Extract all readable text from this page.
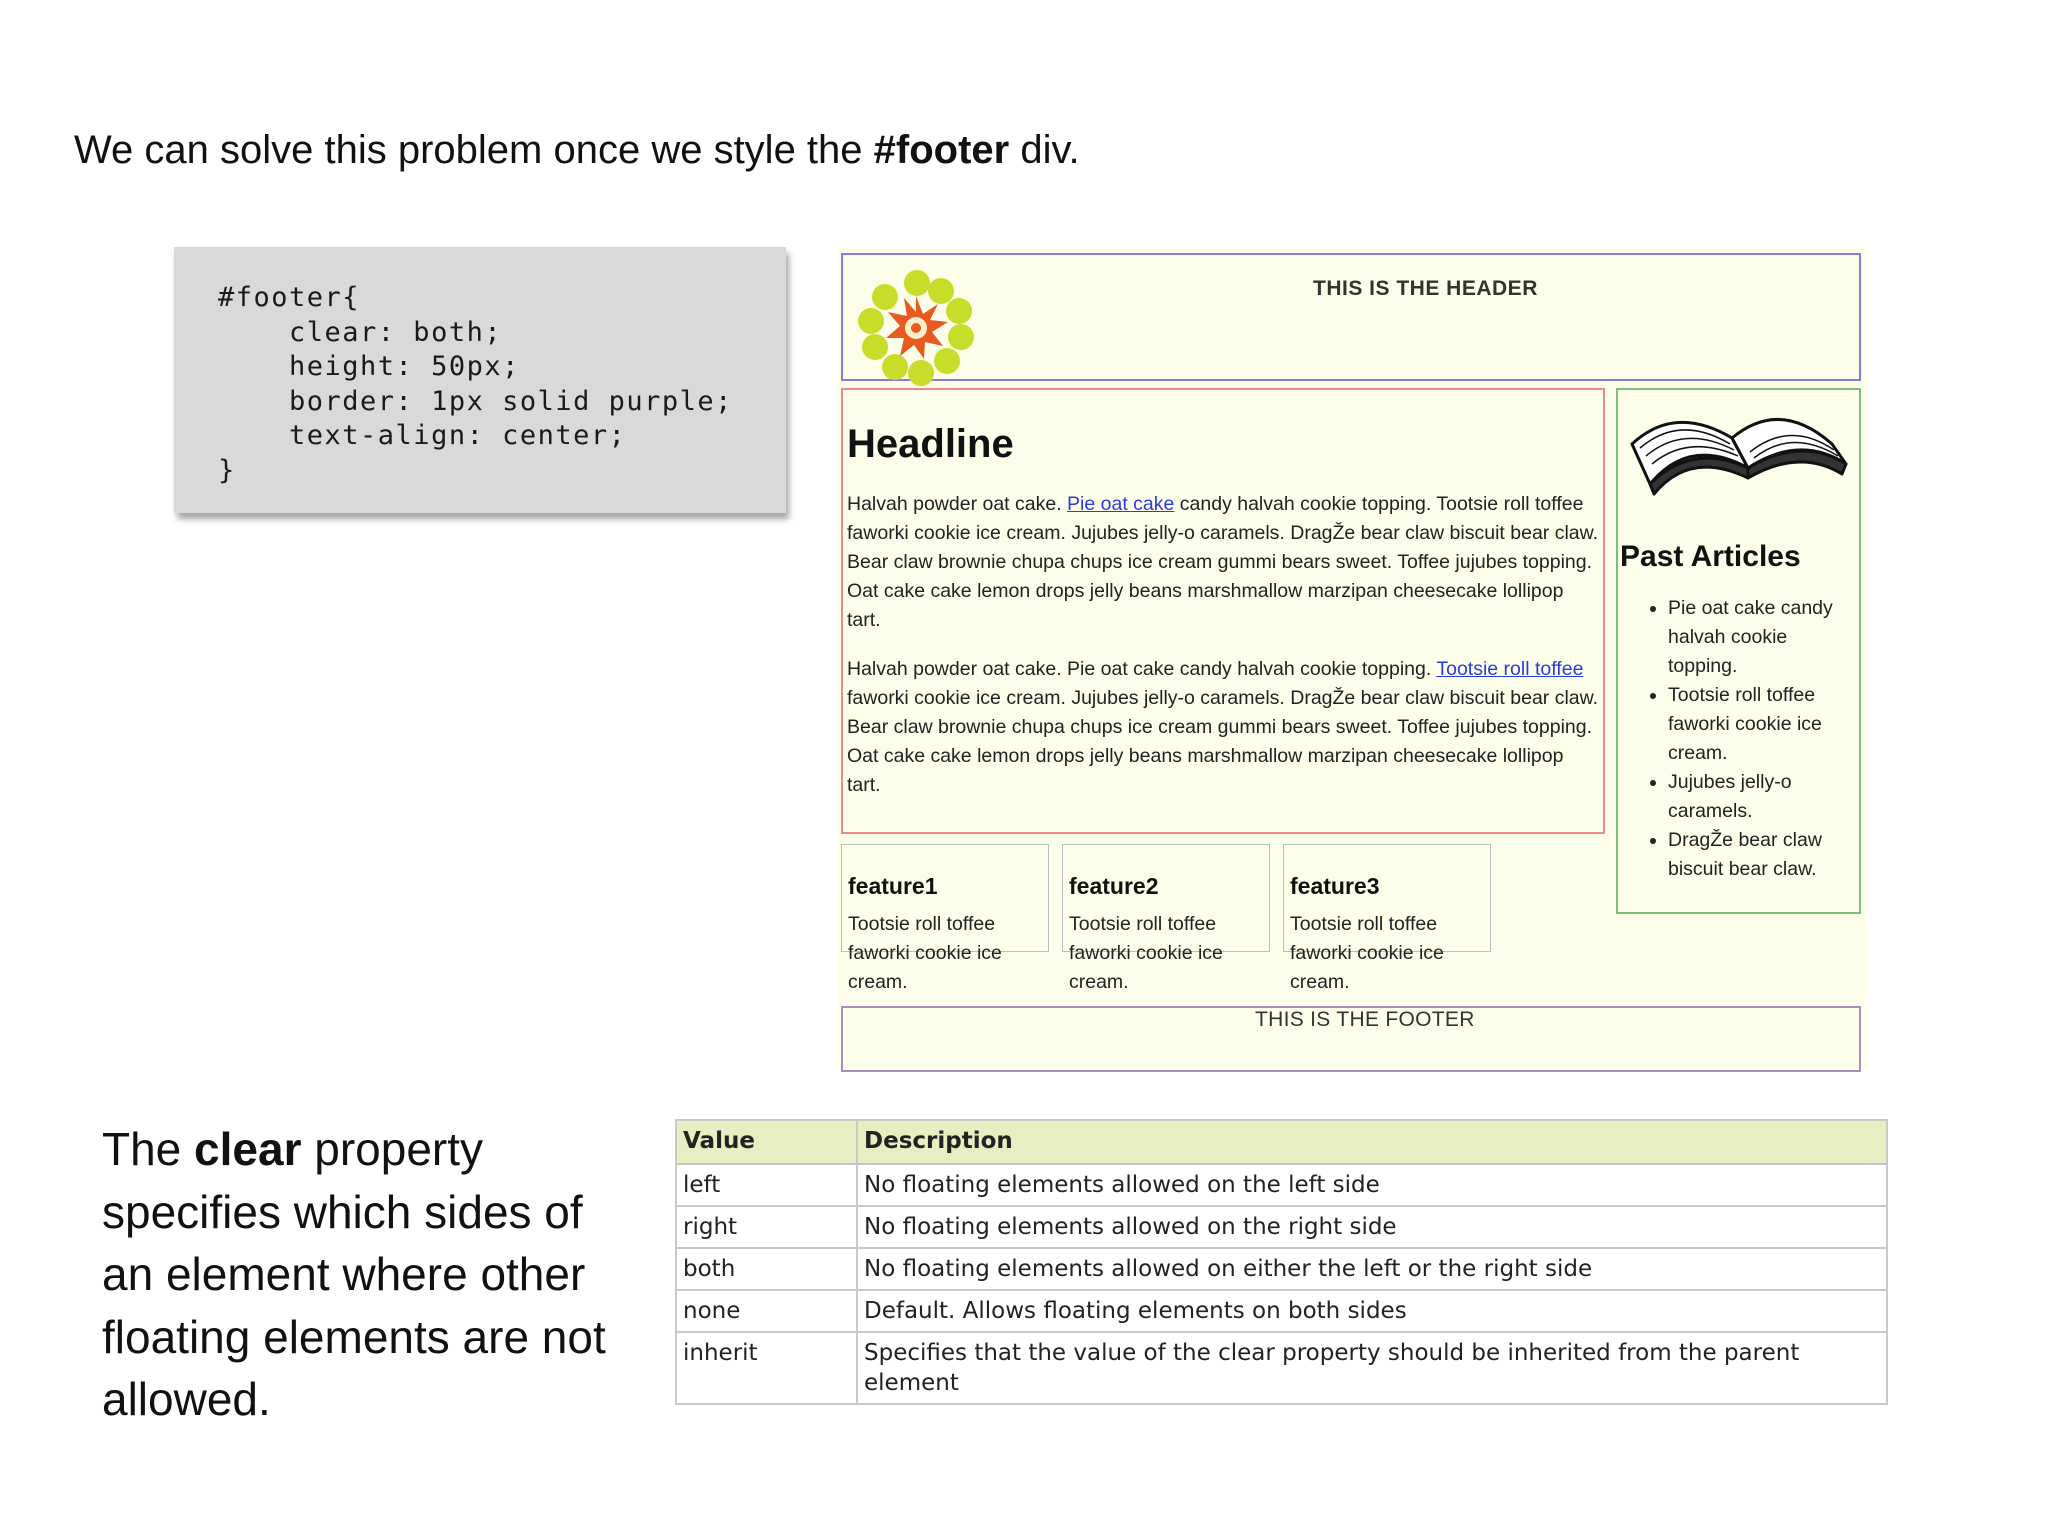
We can solve this problem once we style the #footer div.
#footer{
clear: both;
height: 50px;
border: 1px solid purple;
text-align: center;
}
THIS IS THE HEADER
Headline

Halvah powder oat cake. Pie oat cake candy halvah cookie topping. Tootsie roll toffee faworki cookie ice cream. Jujubes jelly-o caramels. DragŽe bear claw biscuit bear claw. Bear claw brownie chupa chups ice cream gummi bears sweet. Toffee jujubes topping. Oat cake cake lemon drops jelly beans marshmallow marzipan cheesecake lollipop tart.

Halvah powder oat cake. Pie oat cake candy halvah cookie topping. Tootsie roll toffee faworki cookie ice cream. Jujubes jelly-o caramels. DragŽe bear claw biscuit bear claw. Bear claw brownie chupa chups ice cream gummi bears sweet. Toffee jujubes topping. Oat cake cake lemon drops jelly beans marshmallow marzipan cheesecake lollipop tart.

Past Articles
• Pie oat cake candy halvah cookie topping.
• Tootsie roll toffee faworki cookie ice cream.
• Jujubes jelly-o caramels.
• DragŽe bear claw biscuit bear claw.
feature1
Tootsie roll toffee faworki cookie ice cream.
feature2
Tootsie roll toffee faworki cookie ice cream.
feature3
Tootsie roll toffee faworki cookie ice cream.
THIS IS THE FOOTER
The clear property specifies which sides of an element where other floating elements are not allowed.
Value	Description
left	No floating elements allowed on the left side
right	No floating elements allowed on the right side
both	No floating elements allowed on either the left or the right side
none	Default. Allows floating elements on both sides
inherit	Specifies that the value of the clear property should be inherited from the parent element
